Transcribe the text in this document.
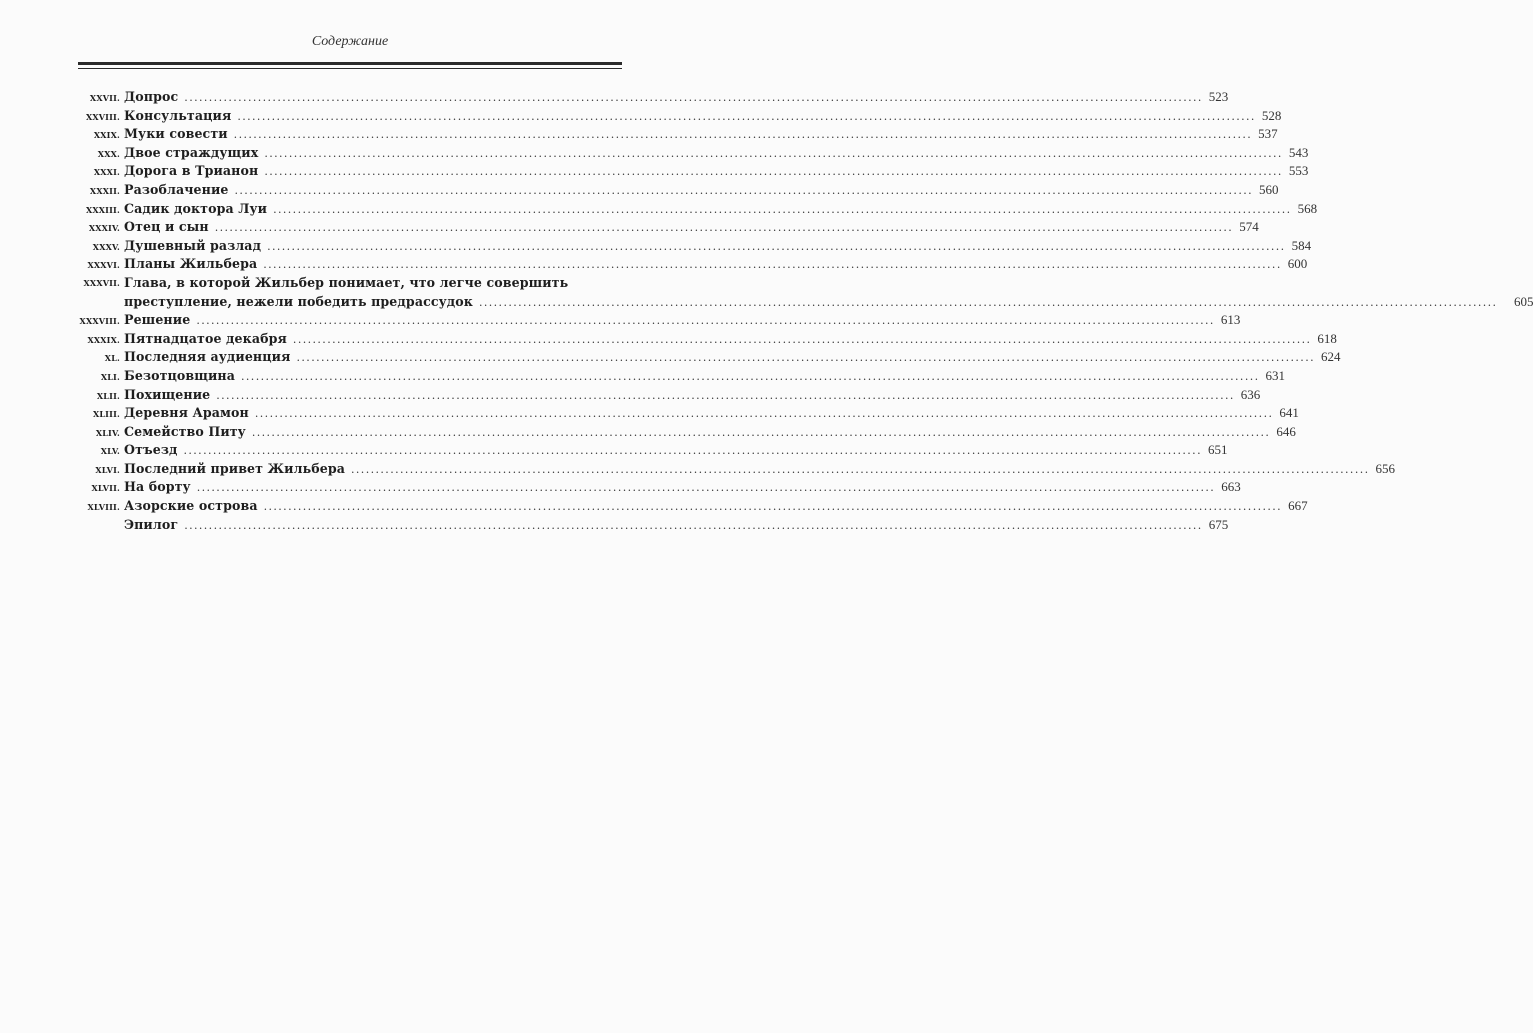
Содержание
XXVII. Допрос .....	523
XXVIII. Консультация .....	528
XXIX. Муки совести .....	537
XXX. Двое страждущих .....	543
XXXI. Дорога в Трианон .....	553
XXXII. Разоблачение .....	560
XXXIII. Садик доктора Луи .....	568
XXXIV. Отец и сын .....	574
XXXV. Душевный разлад .....	584
XXXVI. Планы Жильбера .....	600
XXXVII. Глава, в которой Жильбер понимает, что легче совершить
преступление, нежели победить предрассудок .....	605
XXXVIII. Решение .....	613
XXXIX. Пятнадцатое декабря .....	618
XL. Последняя аудиенция .....	624
XLI. Безотцовщина .....	631
XLII. Похищение .....	636
XLIII. Деревня Арамон .....	641
XLIV. Семейство Питу .....	646
XLV. Отъезд .....	651
XLVI. Последний привет Жильбера .....	656
XLVII. На борту .....	663
XLVIII. Азорские острова .....	667
Эпилог .....	675
